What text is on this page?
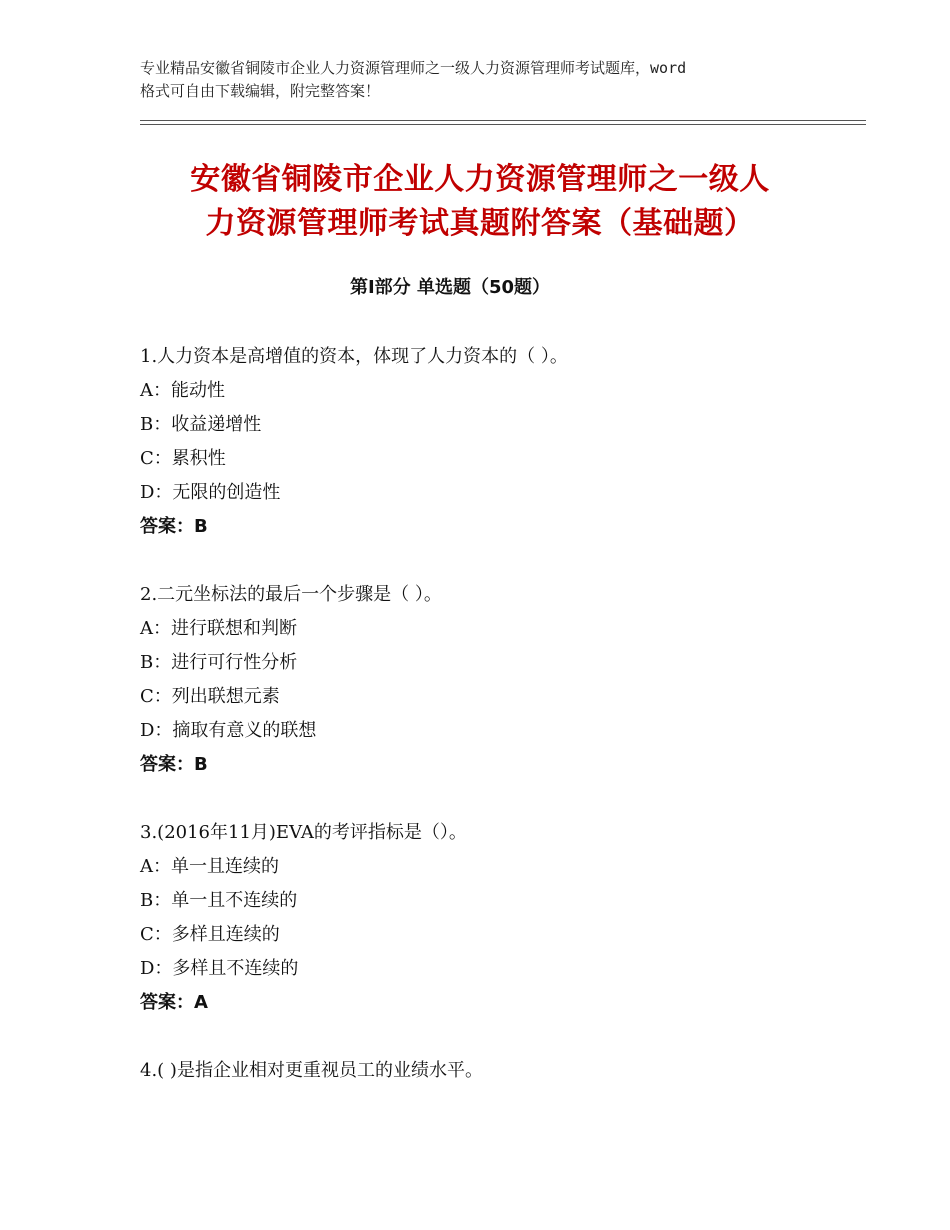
专业精品安徽省铜陵市企业人力资源管理师之一级人力资源管理师考试题库，word
格式可自由下载编辑，附完整答案！
安徽省铜陵市企业人力资源管理师之一级人
力资源管理师考试真题附答案（基础题）
第Ⅰ部分 单选题（50题）
1.人力资本是高增值的资本，体现了人力资本的（ ）。
A：能动性
B：收益递增性
C：累积性
D：无限的创造性
答案：B
2.二元坐标法的最后一个步骤是（ ）。
A：进行联想和判断
B：进行可行性分析
C：列出联想元素
D：摘取有意义的联想
答案：B
3.(2016年11月)EVA的考评指标是（）。
A：单一且连续的
B：单一且不连续的
C：多样且连续的
D：多样且不连续的
答案：A
4.( )是指企业相对更重视员工的业绩水平。
